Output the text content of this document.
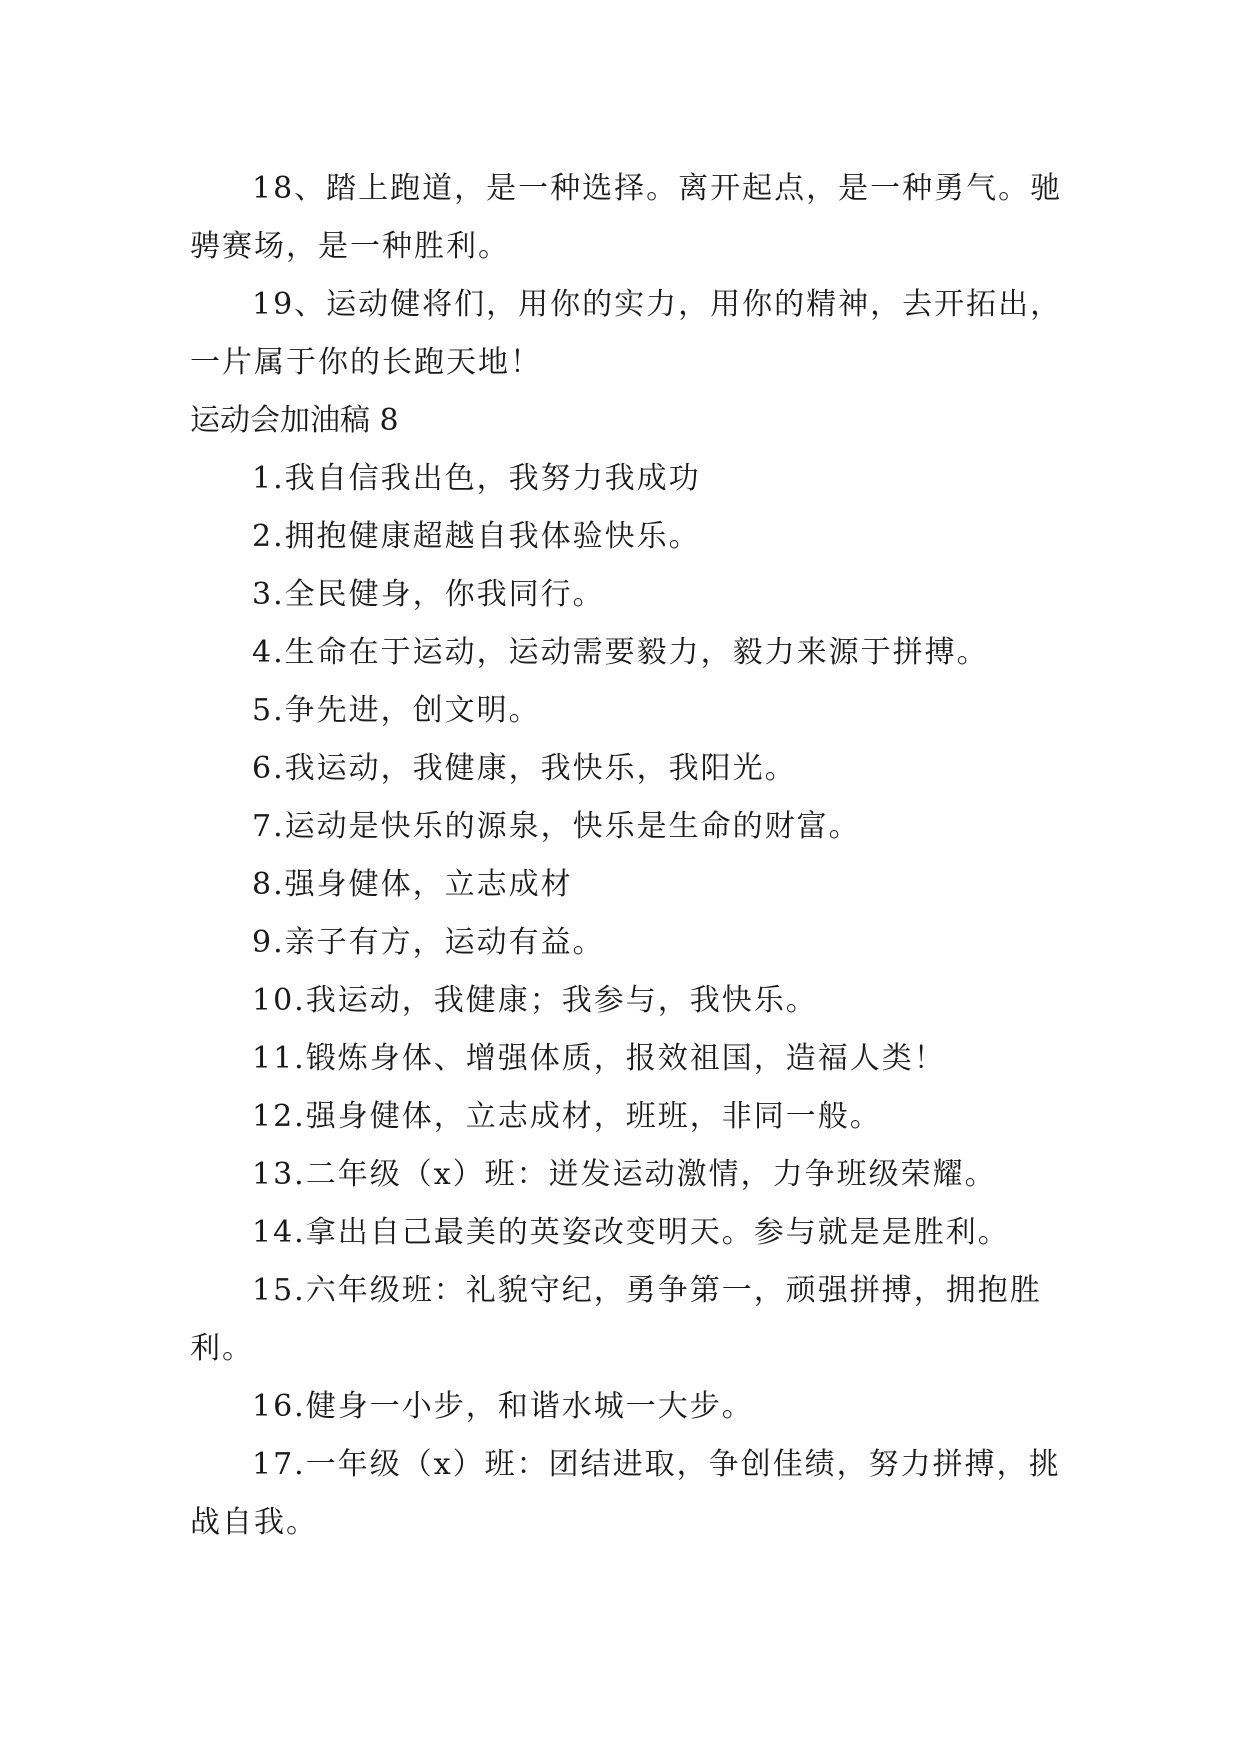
18、踏上跑道，是一种选择。离开起点，是一种勇气。驰骋赛场，是一种胜利。

19、运动健将们，用你的实力，用你的精神，去开拓出，一片属于你的长跑天地！

运动会加油稿 8

1.我自信我出色，我努力我成功

2.拥抱健康超越自我体验快乐。

3.全民健身，你我同行。

4.生命在于运动，运动需要毅力，毅力来源于拼搏。

5.争先进，创文明。

6.我运动，我健康，我快乐，我阳光。

7.运动是快乐的源泉，快乐是生命的财富。

8.强身健体，立志成材

9.亲子有方，运动有益。

10.我运动，我健康；我参与，我快乐。

11.锻炼身体、增强体质，报效祖国，造福人类！

12.强身健体，立志成材，班班，非同一般。

13.二年级（x）班：迸发运动激情，力争班级荣耀。

14.拿出自己最美的英姿改变明天。参与就是是胜利。

15.六年级班：礼貌守纪，勇争第一，顽强拼搏，拥抱胜利。

16.健身一小步，和谐水城一大步。

17.一年级（x）班：团结进取，争创佳绩，努力拼搏，挑战自我。
